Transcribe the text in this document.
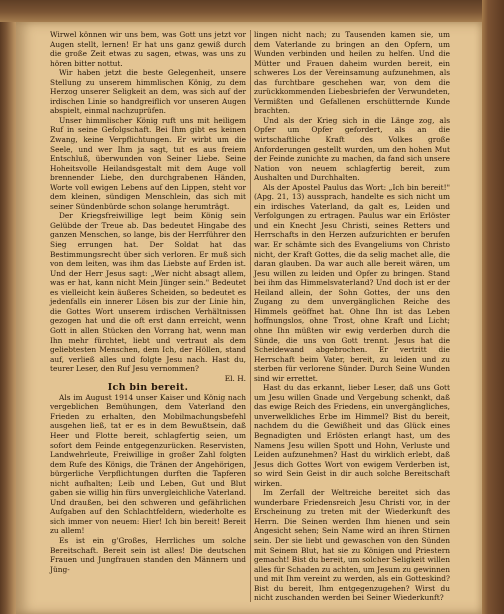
Wirwel können wir uns bem, was Gott uns jetzt vor Augen stellt, lernen! Er hat uns ganz gewiß durch die große Zeit etwas zu sagen, etwas, was uns zu hören bitter nottut.

Wir haben jetzt die beste Gelegenheit, unsere Stellung zu unserem himmlischen König, zu dem Herzog unserer Seligkeit an dem, was sich auf der irdischen Linie so handgreiflich vor unseren Augen abspielt, einmal nachzuprüfen.

Unser himmlischer König ruft uns mit heiligem Ruf in seine Gefolgschaft. Bei Ihm gibt es keinen Zwang, keine Verpflichtungen. Er wirbt um die Seele, und wer Ihm ja sagt, tut es aus freiem Entschluß, überwunden von Seiner Liebe. Seine Hoheitsvolle Heilandsgestalt mit dem Auge voll brennender Liebe, den durchgrabenen Händen, Worte voll ewigen Lebens auf den Lippen, steht vor dem kleinen, sündigen Menschlein, das sich mit seiner Sündenbürde schon solange herumträgt.

Der Kriegsfreiwillige legt beim König sein Gelübde der Treue ab. Das bedeutet Hingabe des ganzen Menschen, so lange, bis der Herrführer den Sieg errungen hat. Der Soldat hat das Bestimmungsrecht über sich verloren. Er muß sich von dem leiten, was ihm das Liebste auf Erden ist. Und der Herr Jesus sagt: „Wer nicht absagt allem, was er hat, kann nicht Mein Jünger sein." Bedeutet es vielleicht kein äußeres Scheiden, so bedeutet es jedenfalls ein innerer Lösen bis zur der Linie hin, die Gottes Wort unserem irdischen Verhältnissen gezogen hat und die oft erst dann erreicht, wenn Gott in allen Stücken den Vorrang hat, wenn man Ihn mehr fürchtet, liebt und vertraut als dem geliebtesten Menschen, dem Ich, der Höllen, stand auf, verließ alles und folgte Jesu nach. Hast du, teurer Leser, den Ruf Jesu vernommen?

El. H.

Ich bin bereit.

Als im August 1914 unser Kaiser und König nach vergeblichen Bemühungen, dem Vaterland den Frieden zu erhalten, den Mobilmachungsbefehl ausgehen ließ, tat er es in dem Bewußtsein, daß Heer und Flotte bereit, schlagfertig seien, um sofort dem Feinde entgegenzurücken. Reservisten, Landwehrleute, Freiwillige in großer Zahl folgten dem Rufe des Königs, die Tränen der Angehörigen, bürgerliche Verpflichtungen durften die Tapferen nicht aufhalten; Leib und Leben, Gut und Blut gaben sie willig hin fürs unvergleichliche Vaterland. Und draußen, bei den schweren und gefährlichen Aufgaben auf den Schlachtfeldern, wiederholte es sich immer von neuem: Hier! Ich bin bereit! Bereit zu allem!

Es ist ein g'Großes, Herrliches um solche Bereitschaft. Bereit sein ist alles! Die deutschen Frauen und Jungfrauen standen den Männern und Jüng-

lingen nicht nach; zu Tausenden kamen sie, um dem Vaterlande zu bringen an den Opfern, um Wunden verbinden und heilen zu helfen. Und die Mütter und Frauen daheim wurden bereit, ein schweres Los der Vereinsamung aufzunehmen, als das furchtbare geschehen war, von dem die zurückkommenden Liebesbriefen der Verwundeten, Vermißten und Gefallenen erschütternde Kunde brachten.

Und als der Krieg sich in die Länge zog, als Opfer um Opfer gefordert, als an die wirtschaftliche Kraft des Volkes große Anforderungen gestellt wurden, um den hohen Mut der Feinde zunichte zu machen, da fand sich unsere Nation von neuem schlagfertig bereit, zum Aushalten und Durchhalten.

Als der Apostel Paulus das Wort: „Ich bin bereit!" (Apg. 21, 13) aussprach, handelte es sich nicht um ein irdisches Vaterland, da galt es, Leiden und Verfolgungen zu ertragen. Paulus war ein Erlöster und ein Knecht Jesu Christi, seines Retters und Herrschafts in den Herzen aufzurichten er berufen war. Er schämte sich des Evangeliums von Christo nicht, der Kraft Gottes, die da selig machet alle, die daran glauben. Da war auch alle bereit wären, um Jesu willen zu leiden und Opfer zu bringen. Stand bei ihm das Himmelsvaterland? Und doch ist er der Heiland allein, der Sohn Gottes, der uns den Zugang zu dem unvergänglichen Reiche des Himmels geöffnet hat. Ohne Ihn ist das Leben hoffnungslos, ohne Trost, ohne Kraft und Licht; ohne Ihn müßten wir ewig verderben durch die Sünde, die uns von Gott trennt. Jesus hat die Scheidewand abgebrochen. Er vertritt die Herrschaft beim Vater, bereit, zu leiden und zu sterben für verlorene Sünder. Durch Seine Wunden sind wir errettet.

Hast du das erkannt, lieber Leser, daß uns Gott um Jesu willen Gnade und Vergebung schenkt, daß das ewige Reich des Friedens, ein unvergängliches, unverwelkliches Erbe im Himmel? Bist du bereit, nachdem du die Gewißheit und das Glück eines Begnadigten und Erlösten erlangt hast, um des Namens Jesu willen Spott und Hohn, Verluste und Leiden aufzunehmen? Hast du wirklich erlebt, daß Jesus dich Gottes Wort von ewigem Verderben ist, so wird Sein Geist in dir auch solche Bereitschaft wirken.

Im Zerfall der Weltreiche bereitet sich das wunderbare Friedensreich Jesu Christi vor, in der Erscheinung zu treten mit der Wiederkunft des Herrn. Die Seinen werden Ihm hienen und sein Angesicht sehen; Sein Name wird an ihren Stirnen sein. Der sie liebt und gewaschen von den Sünden mit Seinem Blut, hat sie zu Königen und Priestern gemacht! Bist du bereit, um solcher Seligkeit willen alles für Schaden zu achten, um Jesum zu gewinnen und mit Ihm vereint zu werden, als ein Gotteskind? Bist du bereit, Ihm entgegenzugehen? Wirst du nicht zuschanden werden bei Seiner Wiederkunft?
